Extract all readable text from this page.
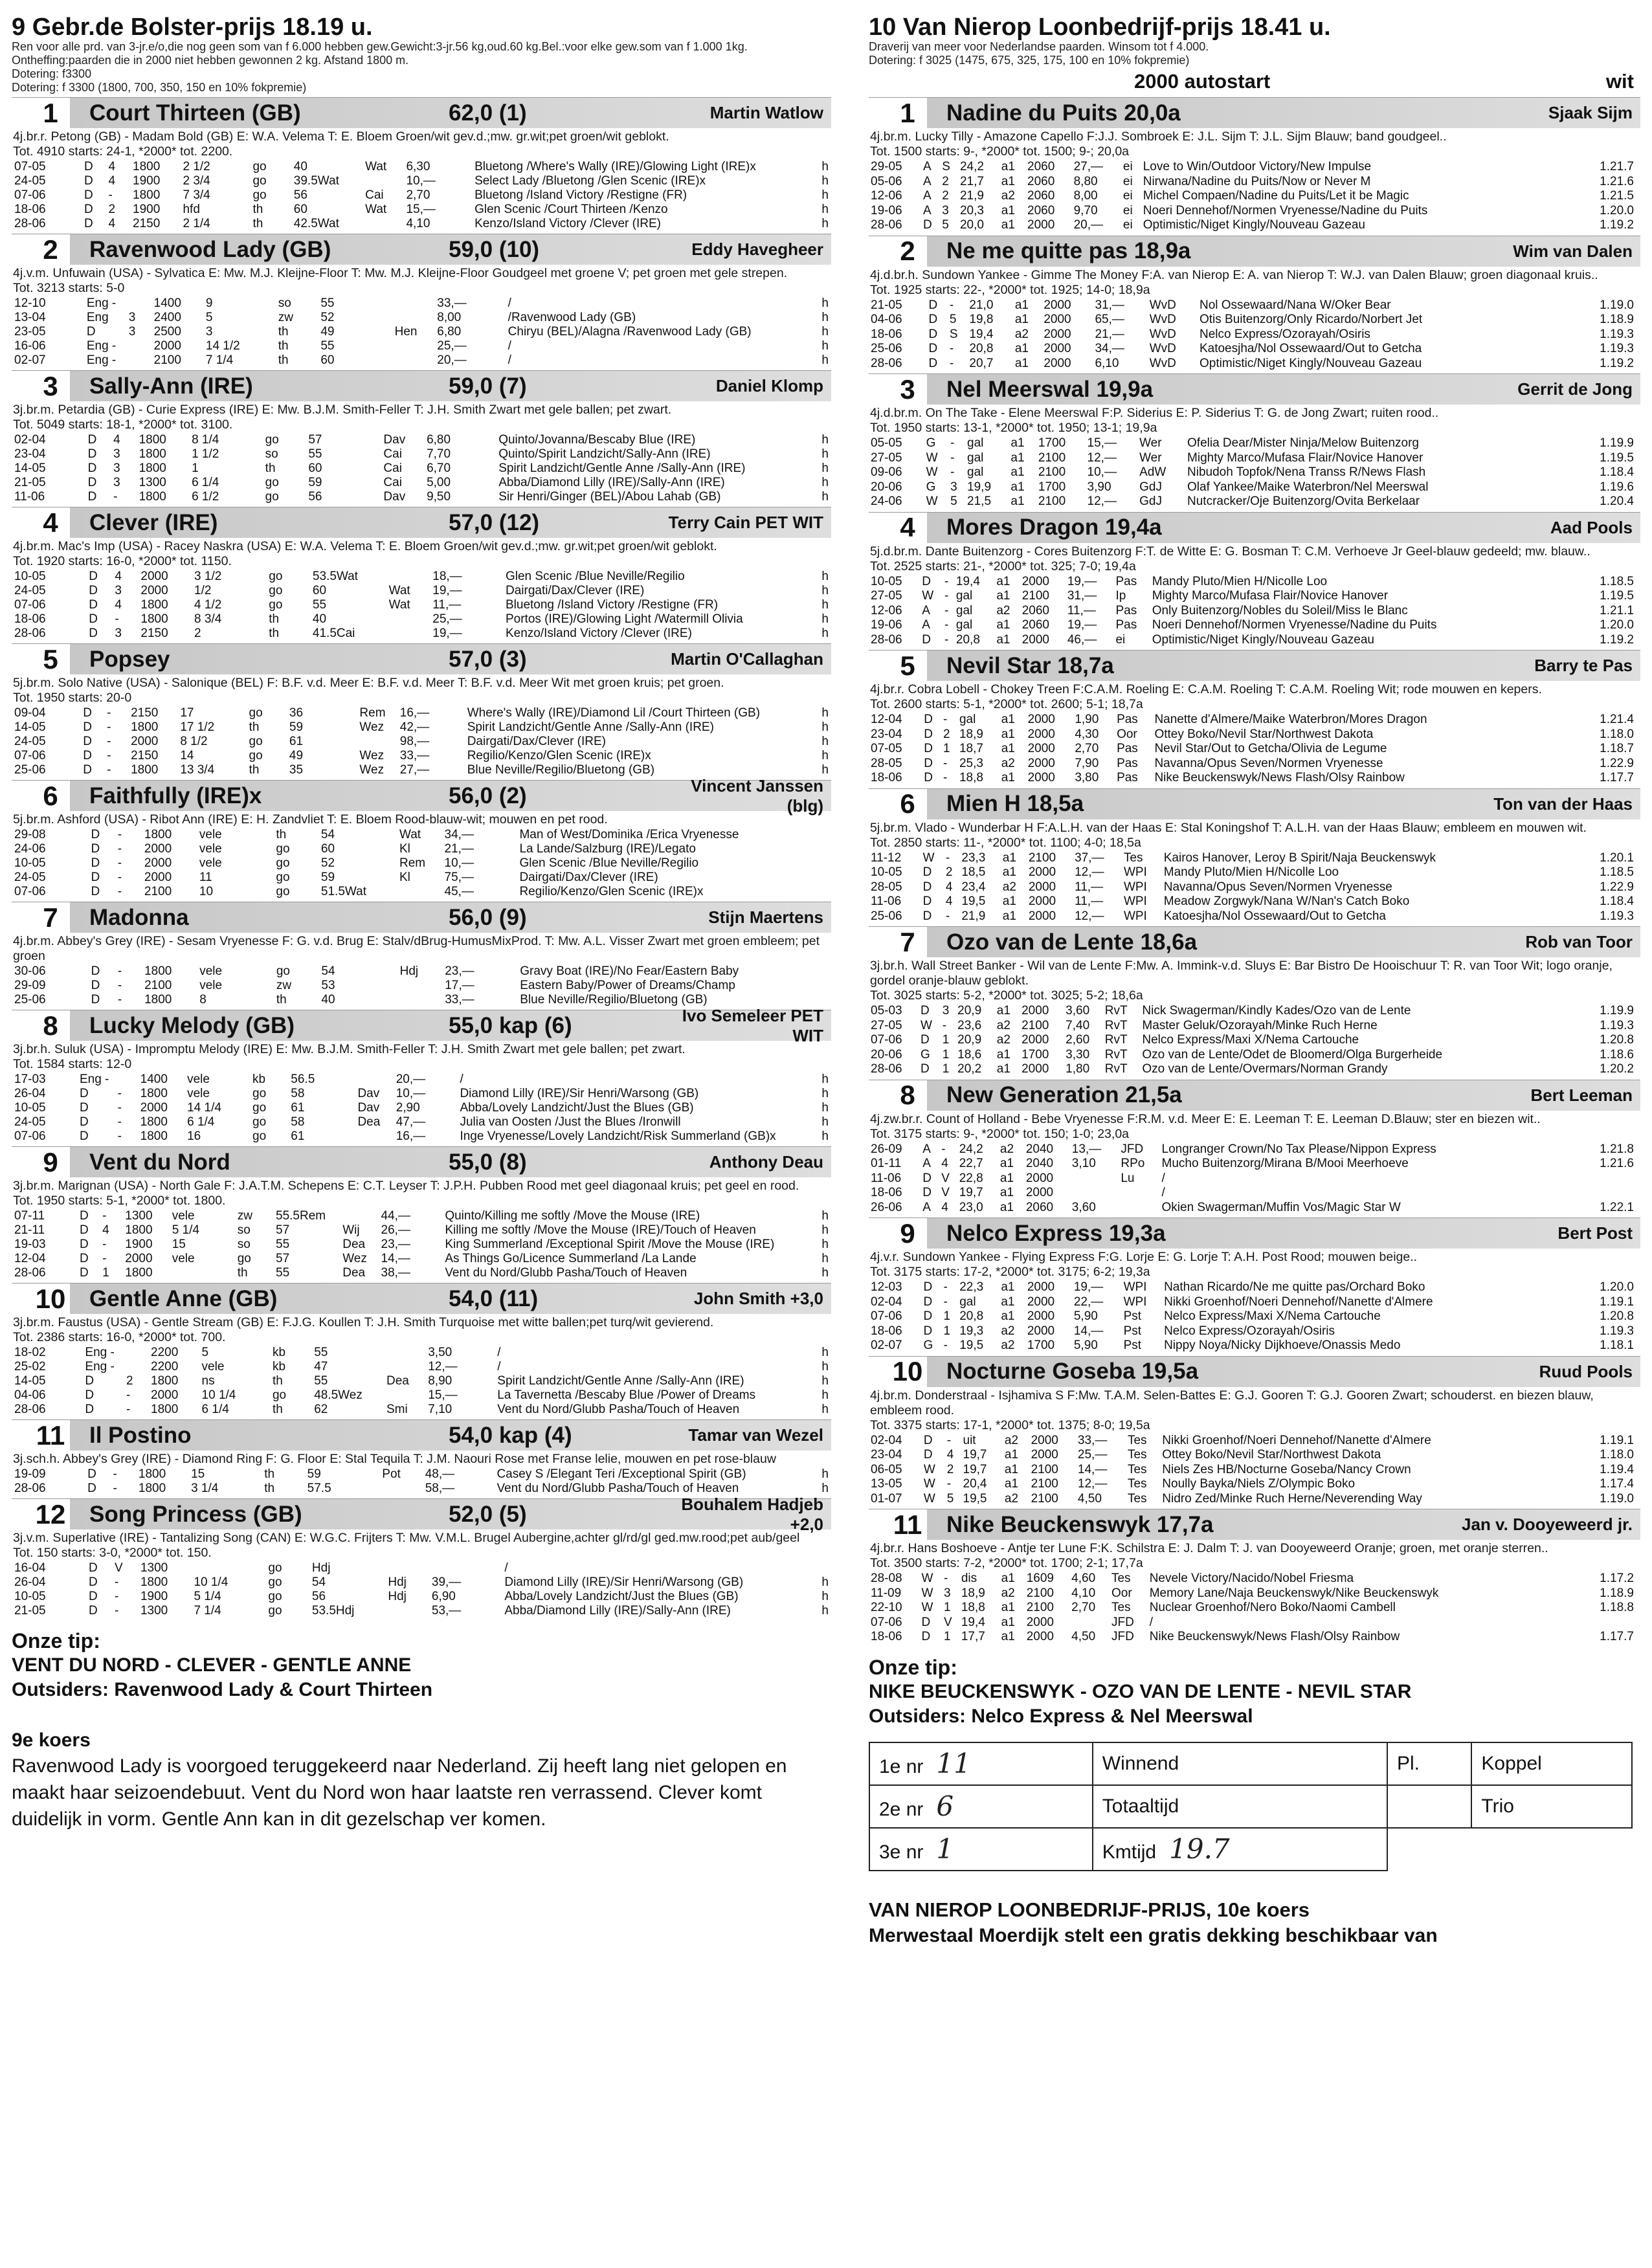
9 Gebr.de Bolster-prijs 18.19 u.
Ren voor alle prd. van 3-jr.e/o,die nog geen som van f 6.000 hebben gew.Gewicht:3-jr.56 kg,oud.60 kg.Bel.:voor elke gew.som van f 1.000 1kg. Ontheffing:paarden die in 2000 niet hebben gewonnen 2 kg. Afstand 1800 m.
Dotering: f3300
Dotering: f 3300 (1800, 700, 350, 150 en 10% fokpremie)
1	Court Thirteen (GB)	62,0 (1)	Martin Watlow
4j.br.r. Petong (GB) - Madam Bold (GB) E: W.A. Velema T: E. Bloem Groen/wit gev.d.;mw. gr.wit;pet groen/wit geblokt.
Tot. 4910 starts: 24-1, *2000* tot. 2200.
07-05	D	4	1800	2 1/2	go	40	Wat	6,30	Bluetong /Where's Wally (IRE)/Glowing Light (IRE)x	h
24-05	D	4	1900	2 3/4	go	39.5Wat		10,—	Select Lady /Bluetong /Glen Scenic (IRE)x	h
07-06	D	-	1800	7 3/4	go	56	Cai	2,70	Bluetong /Island Victory /Restigne (FR)	h
18-06	D	2	1900	hfd	th	60	Wat	15,—	Glen Scenic /Court Thirteen /Kenzo	h
28-06	D	4	2150	2 1/4	th	42.5Wat		4,10	Kenzo/Island Victory /Clever (IRE)	h
2	Ravenwood Lady (GB)	59,0 (10)	Eddy Havegheer
4j.v.m. Unfuwain (USA) - Sylvatica E: Mw. M.J. Kleijne-Floor T: Mw. M.J. Kleijne-Floor Goudgeel met groene V; pet groen met gele strepen.
Tot. 3213 starts: 5-0
12-10	Eng -		1400	9	so	55		33,—	/	h
13-04	Eng	3	2400	5	zw	52		8,00	/Ravenwood Lady (GB)	h
23-05	D	3	2500	3	th	49	Hen	6,80	Chiryu (BEL)/Alagna /Ravenwood Lady (GB)	h
16-06	Eng -		2000	14 1/2	th	55		25,—	/	h
02-07	Eng -		2100	7 1/4	th	60		20,—	/	h
3	Sally-Ann (IRE)	59,0 (7)	Daniel Klomp
3j.br.m. Petardia (GB) - Curie Express (IRE) E: Mw. B.J.M. Smith-Feller T: J.H. Smith Zwart met gele ballen; pet zwart.
Tot. 5049 starts: 18-1, *2000* tot. 3100.
02-04	D	4	1800	8 1/4	go	57	Dav	6,80	Quinto/Jovanna/Bescaby Blue (IRE)	h
23-04	D	3	1800	1 1/2	so	55	Cai	7,70	Quinto/Spirit Landzicht/Sally-Ann (IRE)	h
14-05	D	3	1800	1	th	60	Cai	6,70	Spirit Landzicht/Gentle Anne /Sally-Ann (IRE)	h
21-05	D	3	1300	6 1/4	go	59	Cai	5,00	Abba/Diamond Lilly (IRE)/Sally-Ann (IRE)	h
11-06	D	-	1800	6 1/2	go	56	Dav	9,50	Sir Henri/Ginger (BEL)/Abou Lahab (GB)	h
4	Clever (IRE)	57,0 (12)	Terry Cain PET WIT
4j.br.m. Mac's Imp (USA) - Racey Naskra (USA) E: W.A. Velema T: E. Bloem Groen/wit gev.d.;mw. gr.wit;pet groen/wit geblokt.
Tot. 1920 starts: 16-0, *2000* tot. 1150.
10-05	D	4	2000	3 1/2	go	53.5Wat		18,—	Glen Scenic /Blue Neville/Regilio	h
24-05	D	3	2000	1/2	go	60	Wat	19,—	Dairgati/Dax/Clever (IRE)	h
07-06	D	4	1800	4 1/2	go	55	Wat	11,—	Bluetong /Island Victory /Restigne (FR)	h
18-06	D	-	1800	8 3/4	th	40		25,—	Portos (IRE)/Glowing Light /Watermill Olivia	h
28-06	D	3	2150	2	th	41.5Cai		19,—	Kenzo/Island Victory /Clever (IRE)	h
5	Popsey	57,0 (3)	Martin O'Callaghan
5j.br.m. Solo Native (USA) - Salonique (BEL) F: B.F. v.d. Meer E: B.F. v.d. Meer T: B.F. v.d. Meer Wit met groen kruis; pet groen.
Tot. 1950 starts: 20-0
09-04	D	-	2150	17	go	36	Rem	16,—	Where's Wally (IRE)/Diamond Lil /Court Thirteen (GB)	h
14-05	D	-	1800	17 1/2	th	59	Wez	42,—	Spirit Landzicht/Gentle Anne /Sally-Ann (IRE)	h
24-05	D	-	2000	8 1/2	go	61		98,—	Dairgati/Dax/Clever (IRE)	h
07-06	D	-	2150	14	go	49	Wez	33,—	Regilio/Kenzo/Glen Scenic (IRE)x	h
25-06	D	-	1800	13 3/4	th	35	Wez	27,—	Blue Neville/Regilio/Bluetong (GB)	h
6	Faithfully (IRE)x	56,0 (2)	Vincent Janssen (blg)
5j.br.m. Ashford (USA) - Ribot Ann (IRE) E: H. Zandvliet T: E. Bloem Rood-blauw-wit; mouwen en pet rood.
29-08	D	-	1800	vele	th	54	Wat	34,—	Man of West/Dominika /Erica Vryenesse	
24-06	D	-	2000	vele	go	60	Kl	21,—	La Lande/Salzburg (IRE)/Legato	
10-05	D	-	2000	vele	go	52	Rem	10,—	Glen Scenic /Blue Neville/Regilio	
24-05	D	-	2000	11	go	59	Kl	75,—	Dairgati/Dax/Clever (IRE)	
07-06	D	-	2100	10	go	51.5Wat		45,—	Regilio/Kenzo/Glen Scenic (IRE)x	
7	Madonna	56,0 (9)	Stijn Maertens
4j.br.m. Abbey's Grey (IRE) - Sesam Vryenesse F: G. v.d. Brug E: Stalv/dBrug-HumusMixProd. T: Mw. A.L. Visser Zwart met groen embleem; pet groen
30-06	D	-	1800	vele	go	54	Hdj	23,—	Gravy Boat (IRE)/No Fear/Eastern Baby	
29-09	D	-	2100	vele	zw	53		17,—	Eastern Baby/Power of Dreams/Champ	
25-06	D	-	1800	8	th	40		33,—	Blue Neville/Regilio/Bluetong (GB)	
8	Lucky Melody (GB)	55,0 kap (6)	Ivo Semeleer PET WIT
3j.br.h. Suluk (USA) - Impromptu Melody (IRE) E: Mw. B.J.M. Smith-Feller T: J.H. Smith Zwart met gele ballen; pet zwart.
Tot. 1584 starts: 12-0
17-03	Eng -		1400	vele	kb	56.5		20,—	/	h
26-04	D	-	1800	vele	go	58	Dav	10,—	Diamond Lilly (IRE)/Sir Henri/Warsong (GB)	h
10-05	D	-	2000	14 1/4	go	61	Dav	2,90	Abba/Lovely Landzicht/Just the Blues (GB)	h
24-05	D	-	1800	6 1/4	go	58	Dea	47,—	Julia van Oosten /Just the Blues /Ironwill	h
07-06	D	-	1800	16	go	61		16,—	Inge Vryenesse/Lovely Landzicht/Risk Summerland (GB)x	h
9	Vent du Nord	55,0 (8)	Anthony Deau
3j.br.m. Marignan (USA) - North Gale F: J.A.T.M. Schepens E: C.T. Leyser T: J.P.H. Pubben Rood met geel diagonaal kruis; pet geel en rood.
Tot. 1950 starts: 5-1, *2000* tot. 1800.
07-11	D	-	1300	vele	zw	55.5Rem		44,—	Quinto/Killing me softly /Move the Mouse (IRE)	h
21-11	D	4	1800	5 1/4	so	57	Wij	26,—	Killing me softly /Move the Mouse (IRE)/Touch of Heaven	h
19-03	D	-	1900	15	so	55	Dea	23,—	King Summerland /Exceptional Spirit /Move the Mouse (IRE)	h
12-04	D	-	2000	vele	go	57	Wez	14,—	As Things Go/Licence Summerland /La Lande	h
28-06	D	1	1800		th	55	Dea	38,—	Vent du Nord/Glubb Pasha/Touch of Heaven	h
10	Gentle Anne (GB)	54,0 (11)	John Smith +3,0
3j.br.m. Faustus (USA) - Gentle Stream (GB) E: F.J.G. Koullen T: J.H. Smith Turquoise met witte ballen;pet turq/wit gevierend.
Tot. 2386 starts: 16-0, *2000* tot. 700.
18-02	Eng -		2200	5	kb	55		3,50	/	h
25-02	Eng -		2200	vele	kb	47		12,—	/	h
14-05	D	2	1800	ns	th	55	Dea	8,90	Spirit Landzicht/Gentle Anne /Sally-Ann (IRE)	h
04-06	D	-	2000	10 1/4	go	48.5Wez		15,—	La Tavernetta /Bescaby Blue /Power of Dreams	h
28-06	D	-	1800	6 1/4	th	62	Smi	7,10	Vent du Nord/Glubb Pasha/Touch of Heaven	h
11	Il Postino	54,0 kap (4)	Tamar van Wezel
3j.sch.h. Abbey's Grey (IRE) - Diamond Ring F: G. Floor E: Stal Tequila T: J.M. Naouri Rose met Franse lelie, mouwen en pet rose-blauw
19-09	D	-	1800	15	th	59	Pot	48,—	Casey S /Elegant Teri /Exceptional Spirit (GB)	h
28-06	D	-	1800	3 1/4	th	57.5		58,—	Vent du Nord/Glubb Pasha/Touch of Heaven	h
12	Song Princess (GB)	52,0 (5)	Bouhalem Hadjeb +2,0
3j.v.m. Superlative (IRE) - Tantalizing Song (CAN) E: W.G.C. Frijters T: Mw. V.M.L. Brugel Aubergine,achter gl/rd/gl ged.mw.rood;pet aub/geel
Tot. 150 starts: 3-0, *2000* tot. 150.
16-04	D	V	1300		go	Hdj			/	
26-04	D	-	1800	10 1/4	go	54	Hdj	39,—	Diamond Lilly (IRE)/Sir Henri/Warsong (GB)	h
10-05	D	-	1900	5 1/4	go	56	Hdj	6,90	Abba/Lovely Landzicht/Just the Blues (GB)	h
21-05	D	-	1300	7 1/4	go	53.5Hdj		53,—	Abba/Diamond Lilly (IRE)/Sally-Ann (IRE)	h
Onze tip:
VENT DU NORD - CLEVER - GENTLE ANNE
Outsiders: Ravenwood Lady & Court Thirteen
9e koers
Ravenwood Lady is voorgoed teruggekeerd naar Nederland. Zij heeft lang niet gelopen en maakt haar seizoendebuut. Vent du Nord won haar laatste ren verrassend. Clever komt duidelijk in vorm. Gentle Ann kan in dit gezelschap ver komen.
10 Van Nierop Loonbedrijf-prijs 18.41 u.
Draverij van meer voor Nederlandse paarden. Winsom tot f 4.000.
Dotering: f 3025 (1475, 675, 325, 175, 100 en 10% fokpremie)
2000 autostart	wit
1	Nadine du Puits 20,0a	Sjaak Sijm
4j.br.m. Lucky Tilly - Amazone Capello F:J.J. Sombroek E: J.L. Sijm T: J.L. Sijm Blauw; band goudgeel..
Tot. 1500 starts: 9-, *2000* tot. 1500; 9-; 20,0a
29-05	A	S	24,2	a1	2060	27,—	ei	Love to Win/Outdoor Victory/New Impulse	1.21.7
05-06	A	2	21,7	a1	2060	8,80	ei	Nirwana/Nadine du Puits/Now or Never M	1.21.6
12-06	A	2	21,9	a2	2060	8,00	ei	Michel Compaen/Nadine du Puits/Let it be Magic	1.21.5
19-06	A	3	20,3	a1	2060	9,70	ei	Noeri Dennehof/Normen Vryenesse/Nadine du Puits	1.20.0
28-06	D	5	20,0	a1	2000	20,—	ei	Optimistic/Niget Kingly/Nouveau Gazeau	1.19.2
2	Ne me quitte pas 18,9a	Wim van Dalen
4j.d.br.h. Sundown Yankee - Gimme The Money F:A. van Nierop E: A. van Nierop T: W.J. van Dalen Blauw; groen diagonaal kruis..
Tot. 1925 starts: 22-, *2000* tot. 1925; 14-0; 18,9a
21-05	D	-	21,0	a1	2000	31,—	WvD	Nol Ossewaard/Nana W/Oker Bear	1.19.0
04-06	D	5	19,8	a1	2000	65,—	WvD	Otis Buitenzorg/Only Ricardo/Norbert Jet	1.18.9
18-06	D	S	19,4	a2	2000	21,—	WvD	Nelco Express/Ozorayah/Osiris	1.19.3
25-06	D	-	20,8	a1	2000	34,—	WvD	Katoesjha/Nol Ossewaard/Out to Getcha	1.19.3
28-06	D	-	20,7	a1	2000	6,10	WvD	Optimistic/Niget Kingly/Nouveau Gazeau	1.19.2
3	Nel Meerswal 19,9a	Gerrit de Jong
4j.d.br.m. On The Take - Elene Meerswal F:P. Siderius E: P. Siderius T: G. de Jong Zwart; ruiten rood..
Tot. 1950 starts: 13-1, *2000* tot. 1950; 13-1; 19,9a
05-05	G	-	gal	a1	1700	15,—	Wer	Ofelia Dear/Mister Ninja/Melow Buitenzorg	1.19.9
27-05	W	-	gal	a1	2100	12,—	Wer	Mighty Marco/Mufasa Flair/Novice Hanover	1.19.5
09-06	W	-	gal	a1	2100	10,—	AdW	Nibudoh Topfok/Nena Transs R/News Flash	1.18.4
20-06	G	3	19,9	a1	1700	3,90	GdJ	Olaf Yankee/Maike Waterbron/Nel Meerswal	1.19.6
24-06	W	5	21,5	a1	2100	12,—	GdJ	Nutcracker/Oje Buitenzorg/Ovita Berkelaar	1.20.4
4	Mores Dragon 19,4a	Aad Pools
5j.d.br.m. Dante Buitenzorg - Cores Buitenzorg F:T. de Witte E: G. Bosman T: C.M. Verhoeve Jr Geel-blauw gedeeld; mw. blauw..
Tot. 2525 starts: 21-, *2000* tot. 325; 7-0; 19,4a
10-05	D	-	19,4	a1	2000	19,—	Pas	Mandy Pluto/Mien H/Nicolle Loo	1.18.5
27-05	W	-	gal	a1	2100	31,—	Ip	Mighty Marco/Mufasa Flair/Novice Hanover	1.19.5
12-06	A	-	gal	a2	2060	11,—	Pas	Only Buitenzorg/Nobles du Soleil/Miss le Blanc	1.21.1
19-06	A	-	gal	a1	2060	19,—	Pas	Noeri Dennehof/Normen Vryenesse/Nadine du Puits	1.20.0
28-06	D	-	20,8	a1	2000	46,—	ei	Optimistic/Niget Kingly/Nouveau Gazeau	1.19.2
5	Nevil Star 18,7a	Barry te Pas
4j.br.r. Cobra Lobell - Chokey Treen F:C.A.M. Roeling E: C.A.M. Roeling T: C.A.M. Roeling Wit; rode mouwen en kepers.
Tot. 2600 starts: 5-1, *2000* tot. 2600; 5-1; 18,7a
12-04	D	-	gal	a1	2000	1,90	Pas	Nanette d'Almere/Maike Waterbron/Mores Dragon	1.21.4
23-04	D	2	18,9	a1	2000	4,30	Oor	Ottey Boko/Nevil Star/Northwest Dakota	1.18.0
07-05	D	1	18,7	a1	2000	2,70	Pas	Nevil Star/Out to Getcha/Olivia de Legume	1.18.7
28-05	D	-	25,3	a2	2000	7,90	Pas	Navanna/Opus Seven/Normen Vryenesse	1.22.9
18-06	D	-	18,8	a1	2000	3,80	Pas	Nike Beuckenswyk/News Flash/Olsy Rainbow	1.17.7
6	Mien H 18,5a	Ton van der Haas
5j.br.m. Vlado - Wunderbar H F:A.L.H. van der Haas E: Stal Koningshof T: A.L.H. van der Haas Blauw; embleem en mouwen wit.
Tot. 2850 starts: 11-, *2000* tot. 1100; 4-0; 18,5a
11-12	W	-	23,3	a1	2100	37,—	Tes	Kairos Hanover, Leroy B Spirit/Naja Beuckenswyk	1.20.1
10-05	D	2	18,5	a1	2000	12,—	WPI	Mandy Pluto/Mien H/Nicolle Loo	1.18.5
28-05	D	4	23,4	a2	2000	11,—	WPI	Navanna/Opus Seven/Normen Vryenesse	1.22.9
11-06	D	4	19,5	a1	2000	11,—	WPI	Meadow Zorgwyk/Nana W/Nan's Catch Boko	1.18.4
25-06	D	-	21,9	a1	2000	12,—	WPI	Katoesjha/Nol Ossewaard/Out to Getcha	1.19.3
7	Ozo van de Lente 18,6a	Rob van Toor
3j.br.h. Wall Street Banker - Wil van de Lente F:Mw. A. Immink-v.d. Sluys E: Bar Bistro De Hooischuur T: R. van Toor Wit; logo oranje, gordel oranje-blauw geblokt.
Tot. 3025 starts: 5-2, *2000* tot. 3025; 5-2; 18,6a
05-03	D	3	20,9	a1	2000	3,60	RvT	Nick Swagerman/Kindly Kades/Ozo van de Lente	1.19.9
27-05	W	-	23,6	a2	2100	7,40	RvT	Master Geluk/Ozorayah/Minke Ruch Herne	1.19.3
07-06	D	1	20,9	a2	2000	2,60	RvT	Nelco Express/Maxi X/Nema Cartouche	1.20.8
20-06	G	1	18,6	a1	1700	3,30	RvT	Ozo van de Lente/Odet de Bloomerd/Olga Burgerheide	1.18.6
28-06	D	1	20,2	a1	2000	1,80	RvT	Ozo van de Lente/Overmars/Norman Grandy	1.20.2
8	New Generation 21,5a	Bert Leeman
4j.zw.br.r. Count of Holland - Bebe Vryenesse F:R.M. v.d. Meer E: E. Leeman T: E. Leeman D.Blauw; ster en biezen wit..
Tot. 3175 starts: 9-, *2000* tot. 150; 1-0; 23,0a
26-09	A	-	24,2	a2	2040	13,—	JFD	Longranger Crown/No Tax Please/Nippon Express	1.21.8
01-11	A	4	22,7	a1	2040	3,10	RPo	Mucho Buitenzorg/Mirana B/Mooi Meerhoeve	1.21.6
11-06	D	V	22,8	a1	2000		Lu	/	
18-06	D	V	19,7	a1	2000			/	
26-06	A	4	23,0	a1	2060	3,60		Okien Swagerman/Muffin Vos/Magic Star W	1.22.1
9	Nelco Express 19,3a	Bert Post
4j.v.r. Sundown Yankee - Flying Express F:G. Lorje E: G. Lorje T: A.H. Post Rood; mouwen beige..
Tot. 3175 starts: 17-2, *2000* tot. 3175; 6-2; 19,3a
12-03	D	-	22,3	a1	2000	19,—	WPI	Nathan Ricardo/Ne me quitte pas/Orchard Boko	1.20.0
02-04	D	-	gal	a1	2000	22,—	WPI	Nikki Groenhof/Noeri Dennehof/Nanette d'Almere	1.19.1
07-06	D	1	20,8	a1	2000	5,90	Pst	Nelco Express/Maxi X/Nema Cartouche	1.20.8
18-06	D	1	19,3	a2	2000	14,—	Pst	Nelco Express/Ozorayah/Osiris	1.19.3
02-07	G	-	19,5	a2	1700	5,90	Pst	Nippy Noya/Nicky Dijkhoeve/Onassis Medo	1.18.1
10	Nocturne Goseba 19,5a	Ruud Pools
4j.br.m. Donderstraal - Isjhamiva S F:Mw. T.A.M. Selen-Battes E: G.J. Gooren T: G.J. Gooren Zwart; schouderst. en biezen blauw, embleem rood.
Tot. 3375 starts: 17-1, *2000* tot. 1375; 8-0; 19,5a
02-04	D	-	uit	a2	2000	33,—	Tes	Nikki Groenhof/Noeri Dennehof/Nanette d'Almere	1.19.1
23-04	D	4	19,7	a1	2000	25,—	Tes	Ottey Boko/Nevil Star/Northwest Dakota	1.18.0
06-05	W	2	19,7	a1	2100	14,—	Tes	Niels Zes HB/Nocturne Goseba/Nancy Crown	1.19.4
13-05	W	-	20,4	a1	2100	12,—	Tes	Noully Bayka/Niels Z/Olympic Boko	1.17.4
01-07	W	5	19,5	a2	2100	4,50	Tes	Nidro Zed/Minke Ruch Herne/Neverending Way	1.19.0
11	Nike Beuckenswyk 17,7a	Jan v. Dooyeweerd jr.
4j.br.r. Hans Boshoeve - Antje ter Lune F:K. Schilstra E: J. Dalm T: J. van Dooyeweerd Oranje; groen, met oranje sterren..
Tot. 3500 starts: 7-2, *2000* tot. 1700; 2-1; 17,7a
28-08	W	-	dis	a1	1609	4,60	Tes	Nevele Victory/Nacido/Nobel Friesma	1.17.2
11-09	W	3	18,9	a2	2100	4,10	Oor	Memory Lane/Naja Beuckenswyk/Nike Beuckenswyk	1.18.9
22-10	W	1	18,8	a1	2100	2,70	Tes	Nuclear Groenhof/Nero Boko/Naomi Cambell	1.18.8
07-06	D	V	19,4	a1	2000		JFD	/	
18-06	D	1	17,7	a1	2000	4,50	JFD	Nike Beuckenswyk/News Flash/Olsy Rainbow	1.17.7
Onze tip:
NIKE BEUCKENSWYK - OZO VAN DE LENTE - NEVIL STAR
Outsiders: Nelco Express & Nel Meerswal
1e nr 11	Winnend	Pl.	Koppel
2e nr 6	Totaaltijd		Trio
3e nr 1	Kmtijd 19.7		
VAN NIEROP LOONBEDRIJF-PRIJS, 10e koers
Merwestaal Moerdijk stelt een gratis dekking beschikbaar van
